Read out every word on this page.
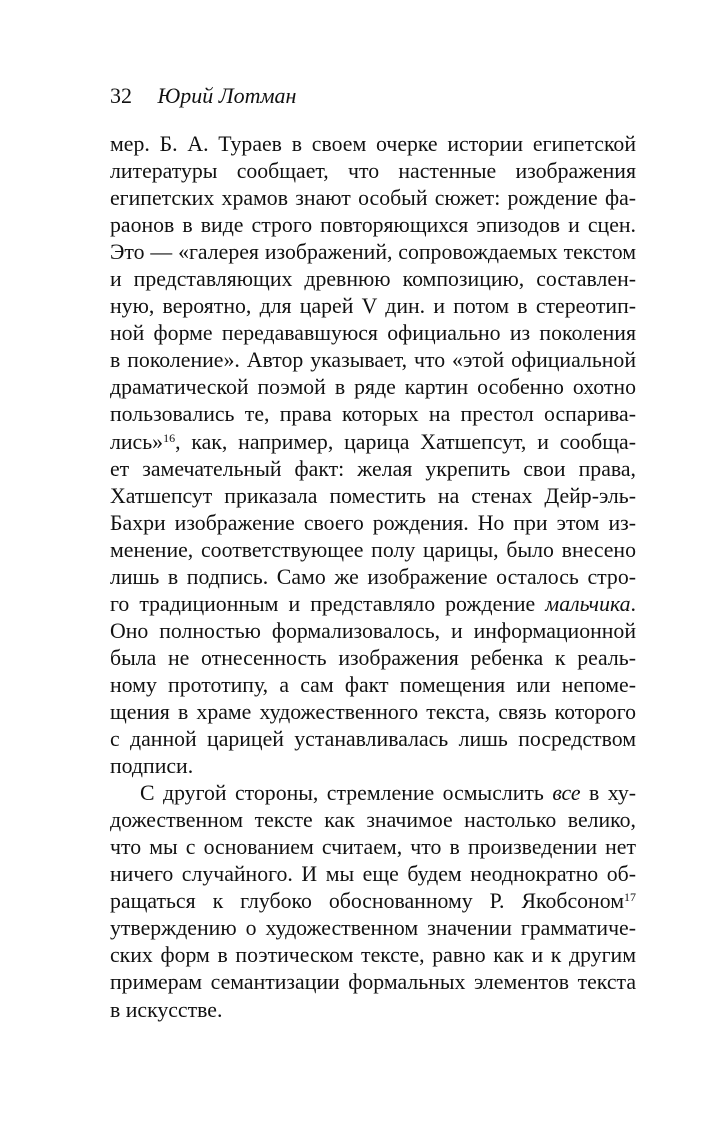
32 Юрий Лотман
мер. Б. А. Тураев в своем очерке истории египетской
литературы сообщает, что настенные изображения
египетских храмов знают особый сюжет: рождение фа-
раонов в виде строго повторяющихся эпизодов и сцен.
Это — «галерея изображений, сопровождаемых текстом
и представляющих древнюю композицию, составлен-
ную, вероятно, для царей V дин. и потом в стереотип-
ной форме передававшуюся официально из поколения
в поколение». Автор указывает, что «этой официальной
драматической поэмой в ряде картин особенно охотно
пользовались те, права которых на престол оспарива-
лись»$^{16}$, как, например, царица Хатшепсут, и сообща-
ет замечательный факт: желая укрепить свои права,
Хатшепсут приказала поместить на стенах Дейр-эль-
Бахри изображение своего рождения. Но при этом из-
менение, соответствующее полу царицы, было внесено
лишь в подпись. Само же изображение осталось стро-
го традиционным и представляло рождение мальчика.
Оно полностью формализовалось, и информационной
была не отнесенность изображения ребенка к реаль-
ному прототипу, а сам факт помещения или непоме-
щения в храме художественного текста, связь которого
с данной царицей устанавливалась лишь посредством
подписи.
С другой стороны, стремление осмыслить все в ху-
дожественном тексте как значимое настолько велико,
что мы с основанием считаем, что в произведении нет
ничего случайного. И мы еще будем неоднократно об-
ращаться к глубоко обоснованному Р. Якобсоном$^{17}$
утверждению о художественном значении грамматиче-
ских форм в поэтическом тексте, равно как и к другим
примерам семантизации формальных элементов текста
в искусстве.
